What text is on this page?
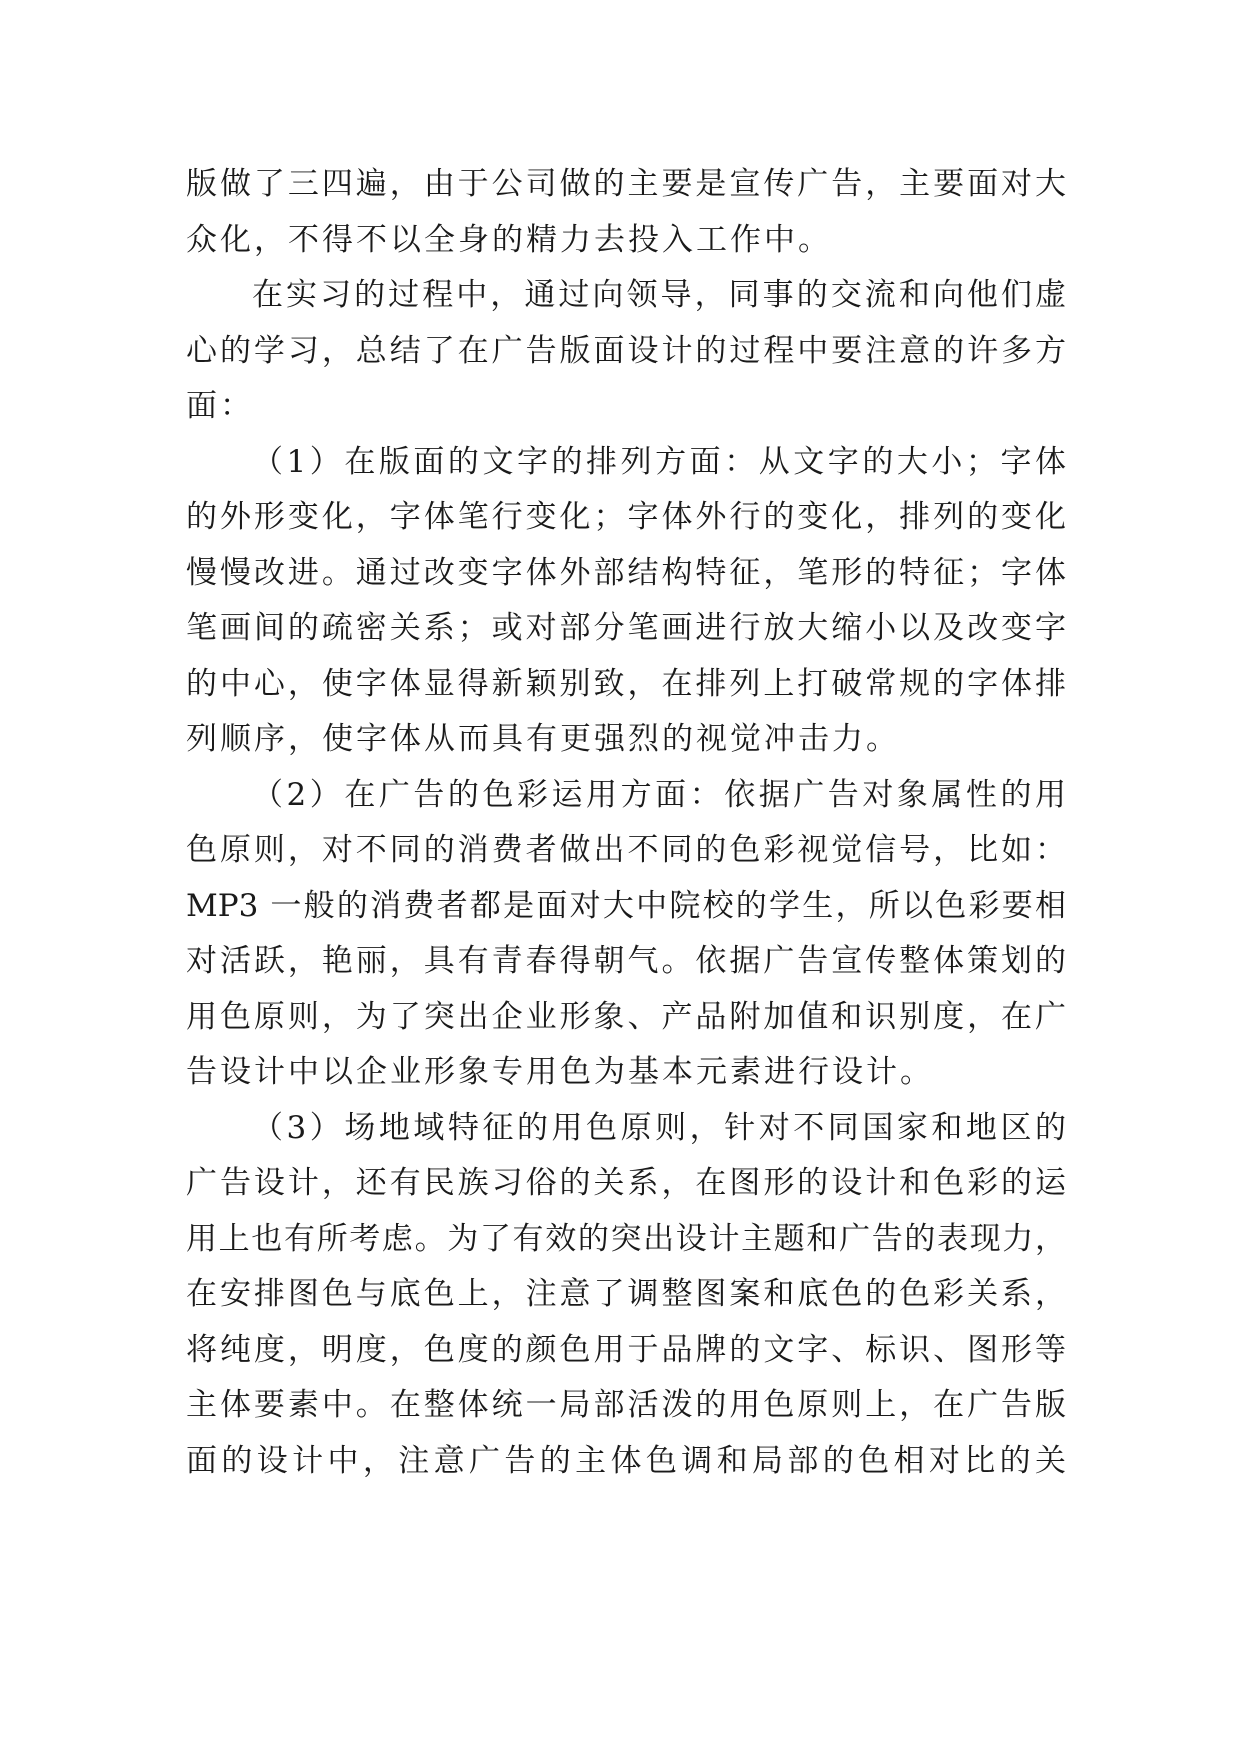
版做了三四遍，由于公司做的主要是宣传广告，主要面对大
众化，不得不以全身的精力去投入工作中。
在实习的过程中，通过向领导，同事的交流和向他们虚
心的学习，总结了在广告版面设计的过程中要注意的许多方
面：
（1）在版面的文字的排列方面：从文字的大小；字体
的外形变化，字体笔行变化；字体外行的变化，排列的变化
慢慢改进。通过改变字体外部结构特征，笔形的特征；字体
笔画间的疏密关系；或对部分笔画进行放大缩小以及改变字
的中心，使字体显得新颖别致，在排列上打破常规的字体排
列顺序，使字体从而具有更强烈的视觉冲击力。
（2）在广告的色彩运用方面：依据广告对象属性的用
色原则，对不同的消费者做出不同的色彩视觉信号，比如：
MP3 一般的消费者都是面对大中院校的学生，所以色彩要相
对活跃，艳丽，具有青春得朝气。依据广告宣传整体策划的
用色原则，为了突出企业形象、产品附加值和识别度，在广
告设计中以企业形象专用色为基本元素进行设计。
（3）场地域特征的用色原则，针对不同国家和地区的
广告设计，还有民族习俗的关系，在图形的设计和色彩的运
用上也有所考虑。为了有效的突出设计主题和广告的表现力，
在安排图色与底色上，注意了调整图案和底色的色彩关系，
将纯度，明度，色度的颜色用于品牌的文字、标识、图形等
主体要素中。在整体统一局部活泼的用色原则上，在广告版
面的设计中，注意广告的主体色调和局部的色相对比的关
